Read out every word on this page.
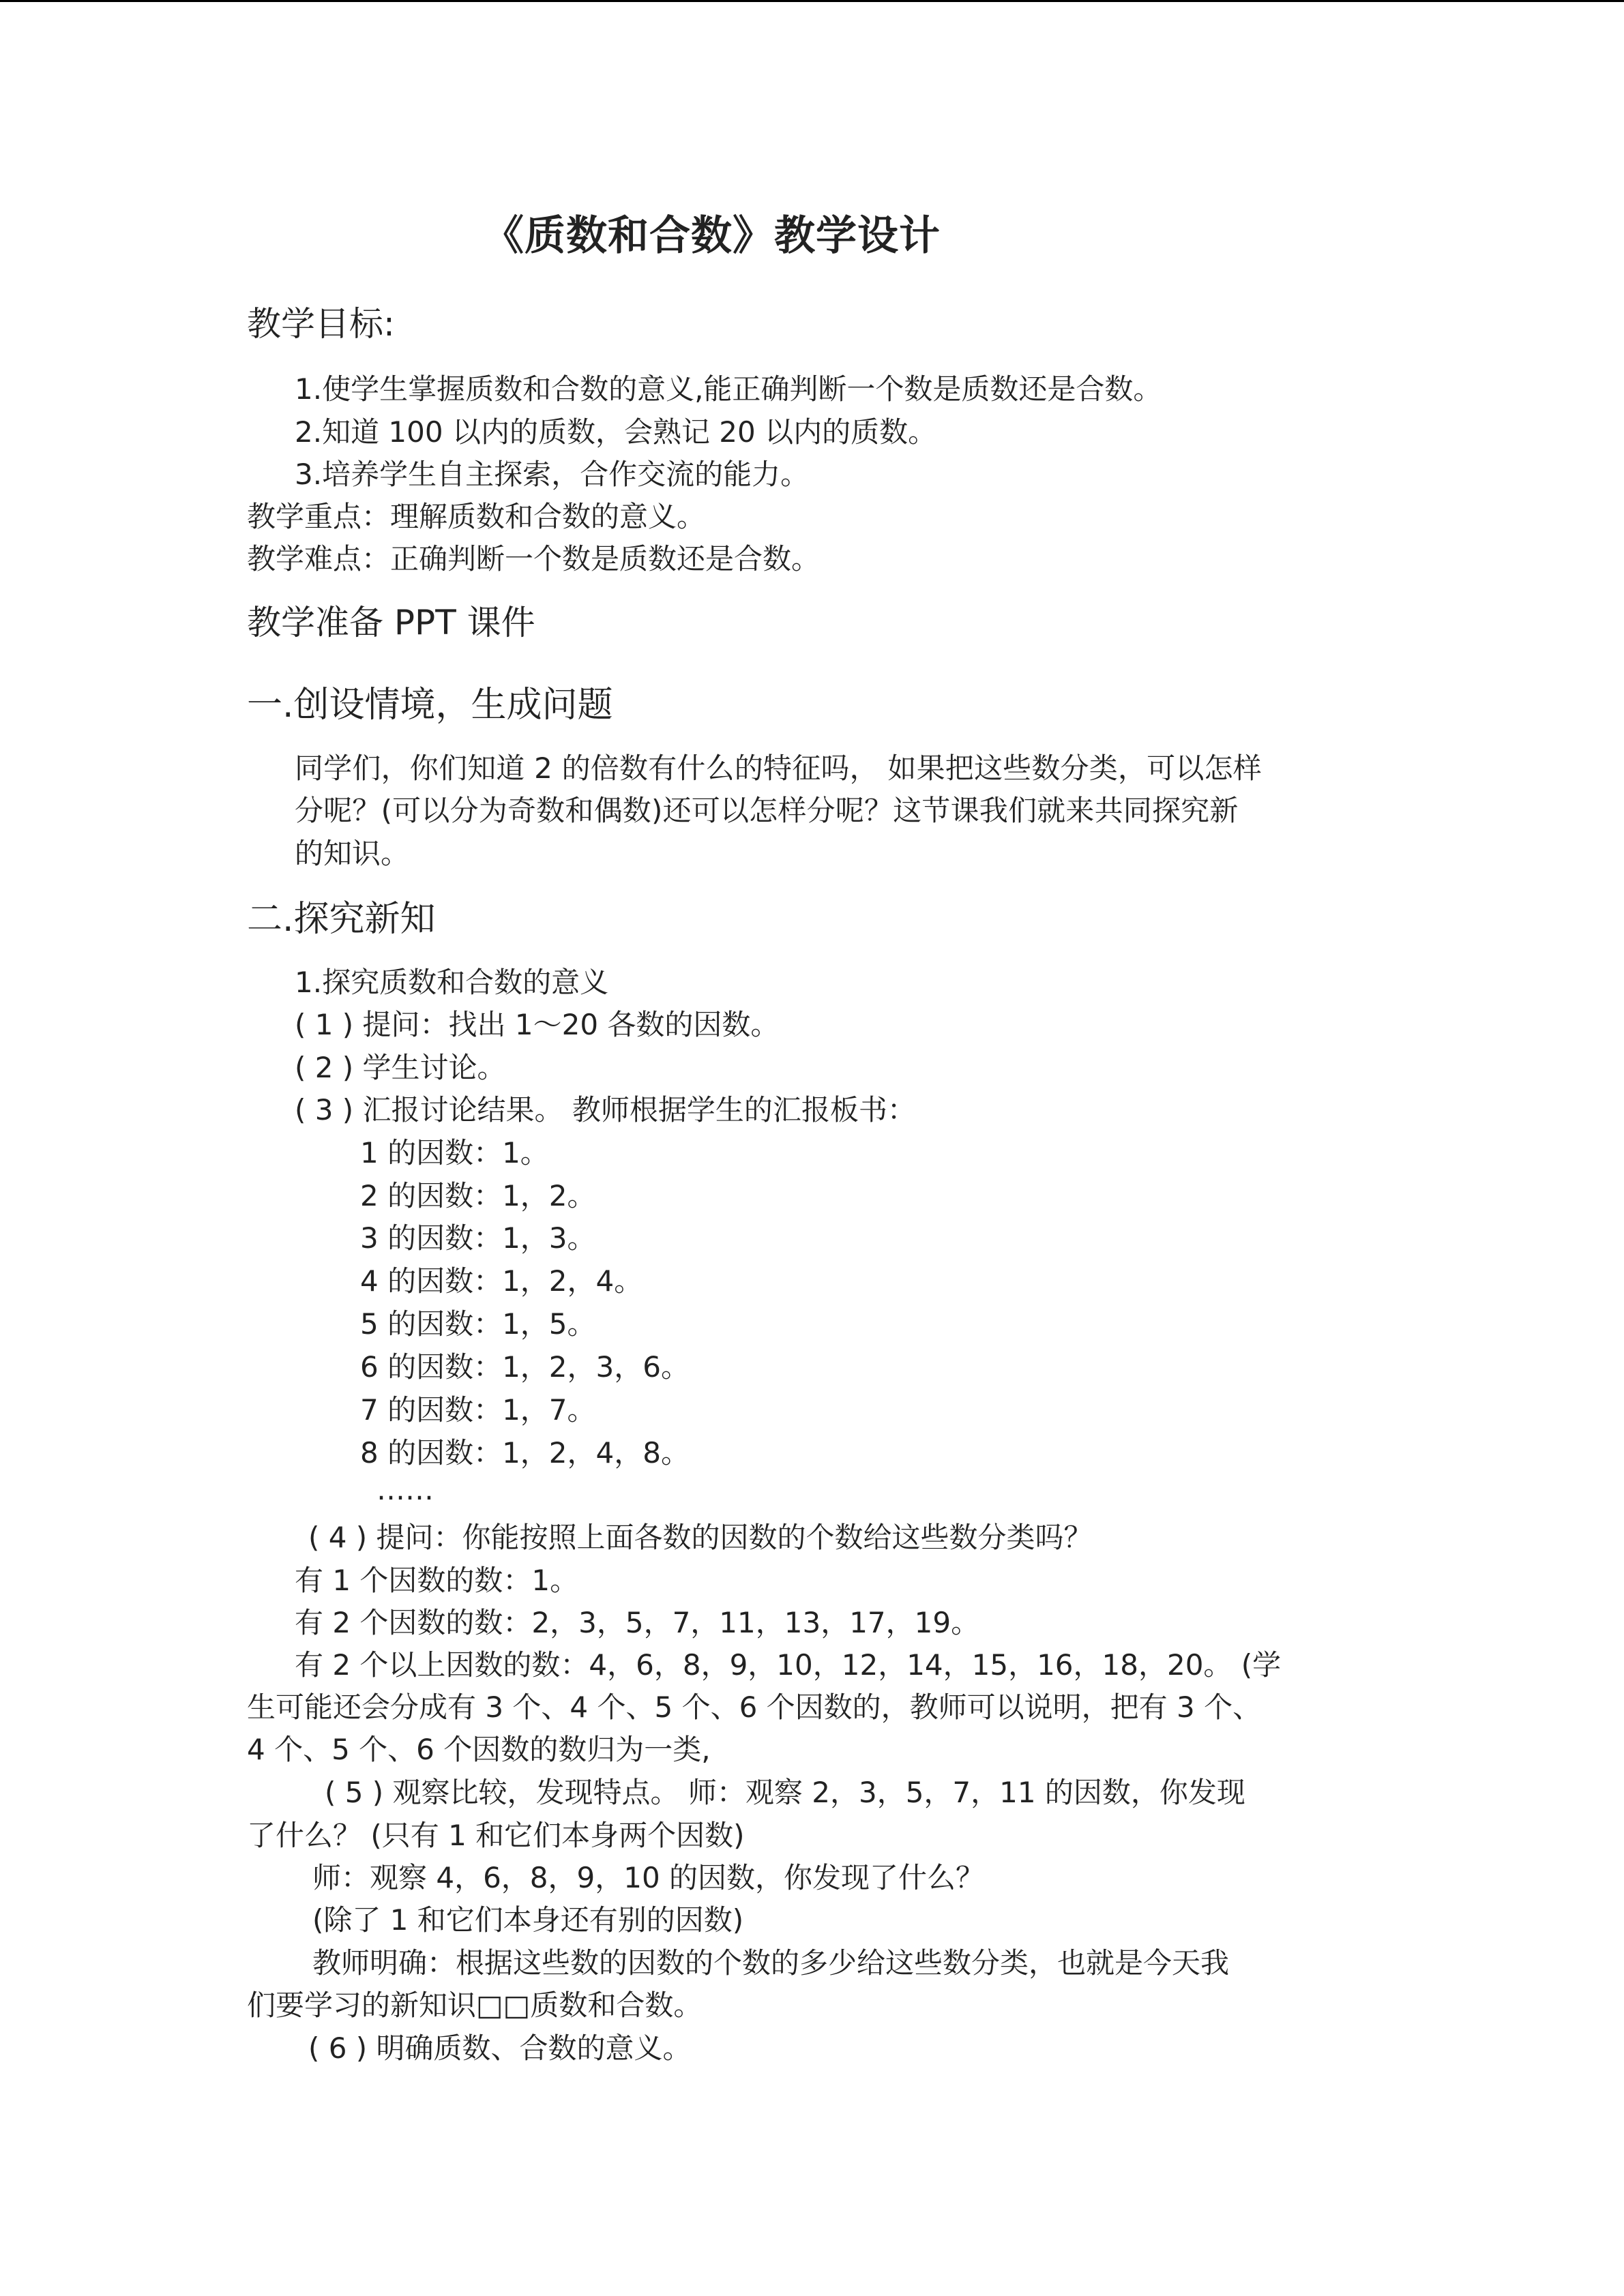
《质数和合数》教学设计
教学目标:
1.使学生掌握质数和合数的意义,能正确判断一个数是质数还是合数。
2.知道 100 以内的质数，会熟记 20 以内的质数。
3.培养学生自主探索，合作交流的能力。
教学重点：理解质数和合数的意义。
教学难点：正确判断一个数是质数还是合数。
教学准备 PPT 课件
一.创设情境，生成问题
同学们，你们知道 2 的倍数有什么的特征吗， 如果把这些数分类，可以怎样
分呢？(可以分为奇数和偶数)还可以怎样分呢？这节课我们就来共同探究新
的知识。
二.探究新知
1.探究质数和合数的意义
( 1 ) 提问：找出 1～20 各数的因数。
( 2 ) 学生讨论。
( 3 ) 汇报讨论结果。 教师根据学生的汇报板书：
1 的因数：1。
2 的因数：1，2。
3 的因数：1，3。
4 的因数：1，2，4。
5 的因数：1，5。
6 的因数：1，2，3，6。
7 的因数：1，7。
8 的因数：1，2，4，8。
……
( 4 ) 提问：你能按照上面各数的因数的个数给这些数分类吗？
有 1 个因数的数：1。
有 2 个因数的数：2，3，5，7，11，13，17，19。
有 2 个以上因数的数：4，6，8，9，10，12，14，15，16，18，20。 (学
生可能还会分成有 3 个、4 个、5 个、6 个因数的，教师可以说明，把有 3 个、
4 个、5 个、6 个因数的数归为一类,
( 5 ) 观察比较，发现特点。 师：观察 2，3，5，7，11 的因数，你发现
了什么？ (只有 1 和它们本身两个因数)
师：观察 4，6，8，9，10 的因数，你发现了什么？
(除了 1 和它们本身还有别的因数)
教师明确：根据这些数的因数的个数的多少给这些数分类，也就是今天我
们要学习的新知识□□质数和合数。
( 6 ) 明确质数、合数的意义。
